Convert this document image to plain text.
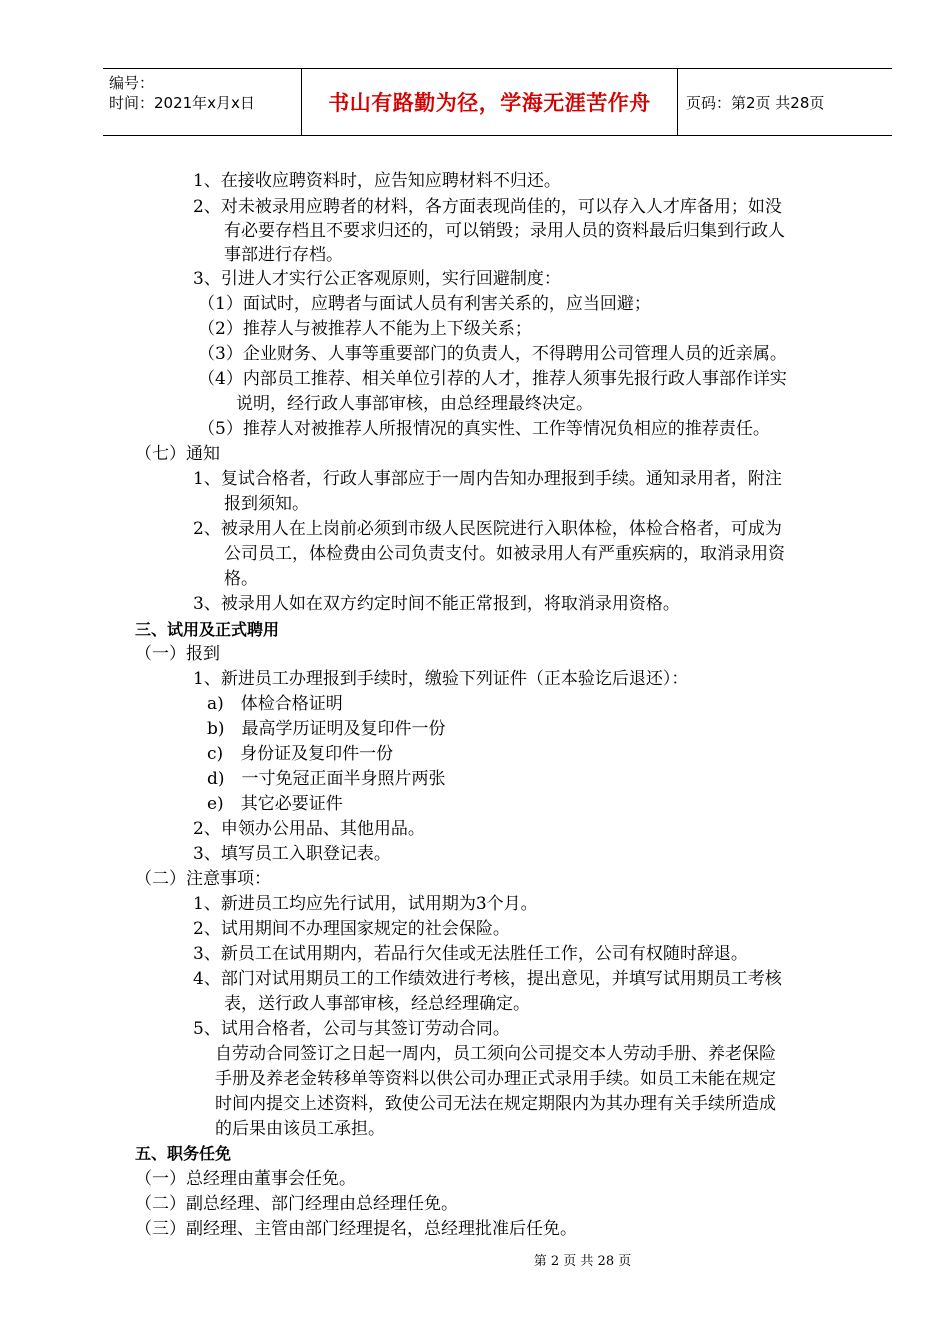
编号：
时间：2021年x月x日	书山有路勤为径，学海无涯苦作舟	页码：第2页 共28页
1、在接收应聘资料时，应告知应聘材料不归还。
2、对未被录用应聘者的材料，各方面表现尚佳的，可以存入人才库备用；如没
有必要存档且不要求归还的，可以销毁；录用人员的资料最后归集到行政人
事部进行存档。
3、引进人才实行公正客观原则，实行回避制度：
（1）面试时，应聘者与面试人员有利害关系的，应当回避；
（2）推荐人与被推荐人不能为上下级关系；
（3）企业财务、人事等重要部门的负责人，不得聘用公司管理人员的近亲属。
（4）内部员工推荐、相关单位引荐的人才，推荐人须事先报行政人事部作详实
说明，经行政人事部审核，由总经理最终决定。
（5）推荐人对被推荐人所报情况的真实性、工作等情况负相应的推荐责任。
（七）通知
1、复试合格者，行政人事部应于一周内告知办理报到手续。通知录用者，附注
报到须知。
2、被录用人在上岗前必须到市级人民医院进行入职体检，体检合格者，可成为
公司员工，体检费由公司负责支付。如被录用人有严重疾病的，取消录用资
格。
3、被录用人如在双方约定时间不能正常报到，将取消录用资格。
三、试用及正式聘用
（一）报到
1、新进员工办理报到手续时，缴验下列证件（正本验讫后退还）：
a)　体检合格证明
b)　最高学历证明及复印件一份
c)　身份证及复印件一份
d)　一寸免冠正面半身照片两张
e)　其它必要证件
2、申领办公用品、其他用品。
3、填写员工入职登记表。
（二）注意事项：
1、新进员工均应先行试用，试用期为3个月。
2、试用期间不办理国家规定的社会保险。
3、新员工在试用期内，若品行欠佳或无法胜任工作，公司有权随时辞退。
4、部门对试用期员工的工作绩效进行考核，提出意见，并填写试用期员工考核
表，送行政人事部审核，经总经理确定。
5、试用合格者，公司与其签订劳动合同。
自劳动合同签订之日起一周内，员工须向公司提交本人劳动手册、养老保险
手册及养老金转移单等资料以供公司办理正式录用手续。如员工未能在规定
时间内提交上述资料，致使公司无法在规定期限内为其办理有关手续所造成
的后果由该员工承担。
五、职务任免
（一）总经理由董事会任免。
（二）副总经理、部门经理由总经理任免。
（三）副经理、主管由部门经理提名，总经理批准后任免。
第 2 页 共 28 页
